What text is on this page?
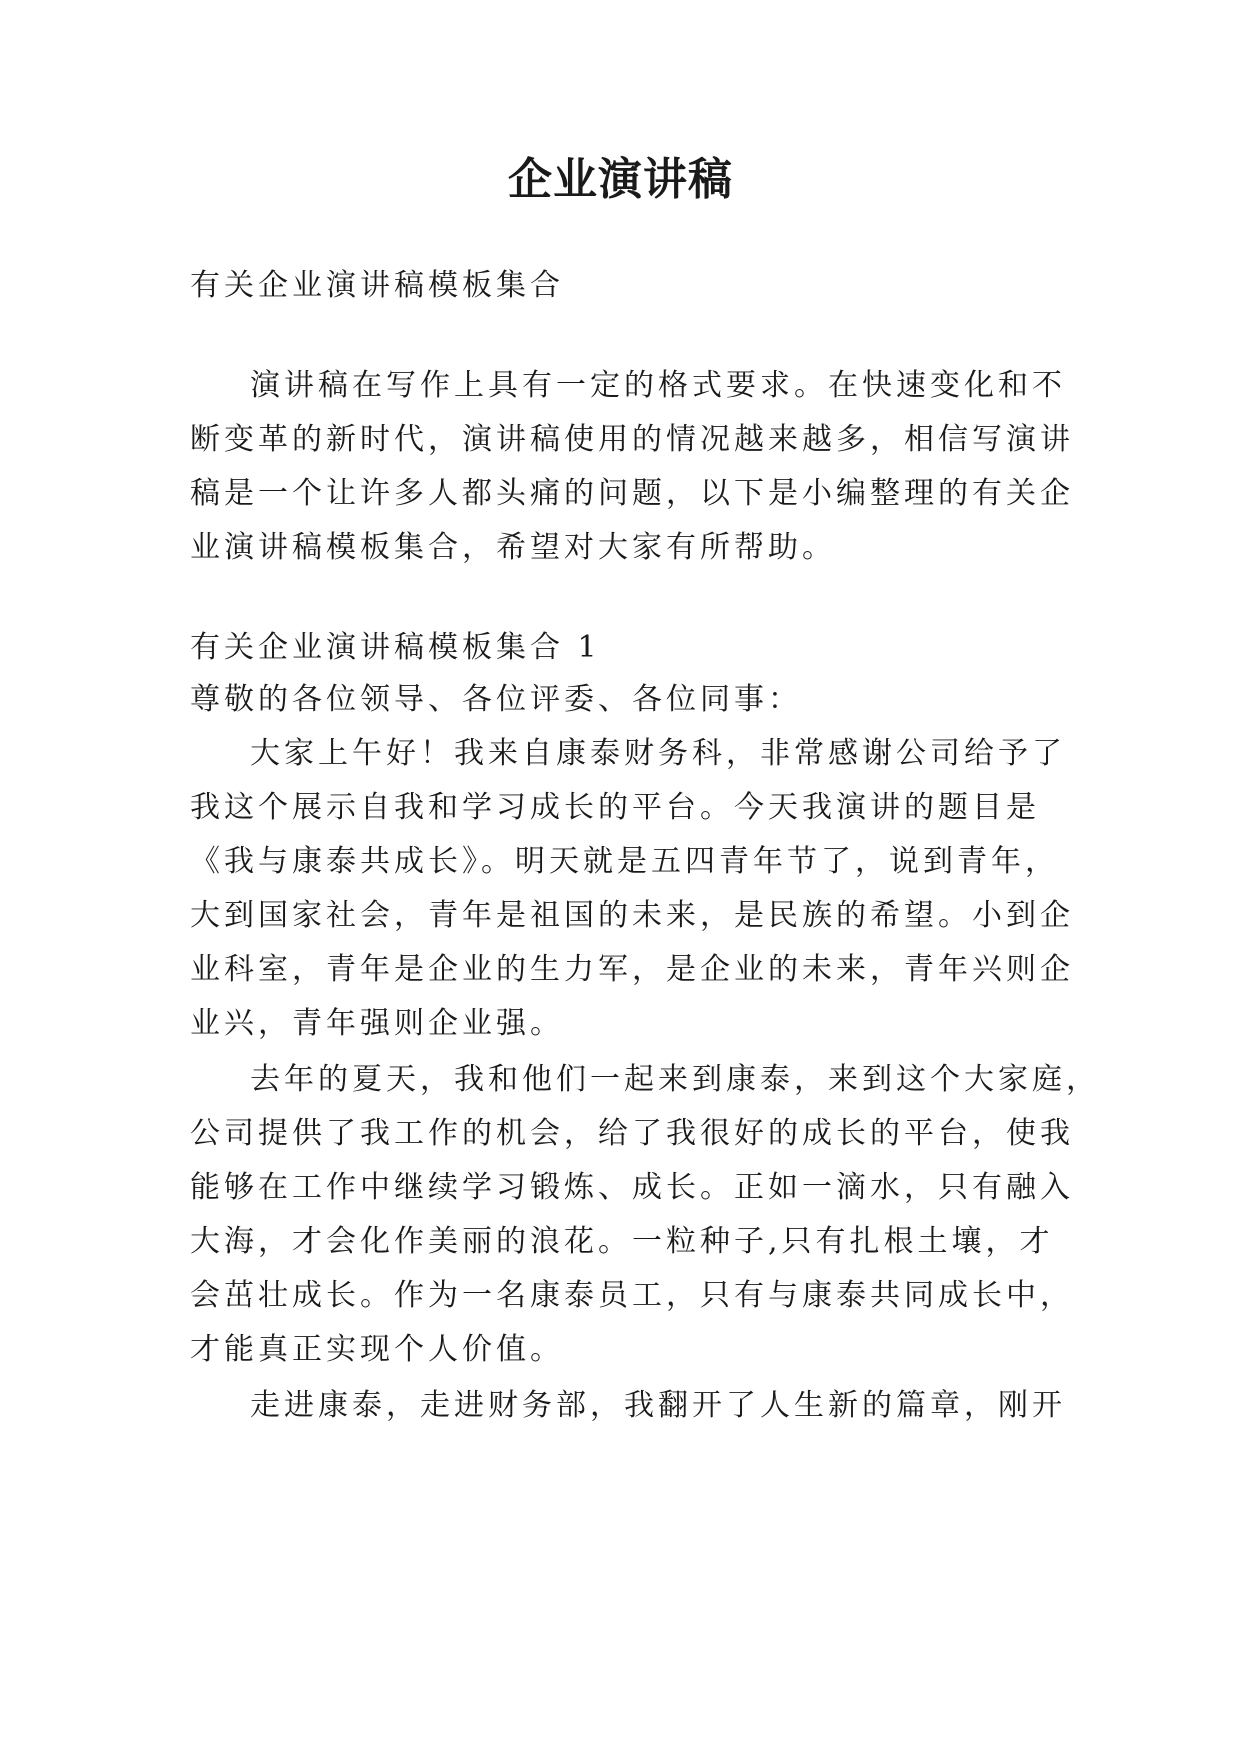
企业演讲稿

有关企业演讲稿模板集合

演讲稿在写作上具有一定的格式要求。在快速变化和不

断变革的新时代，演讲稿使用的情况越来越多，相信写演讲

稿是一个让许多人都头痛的问题，以下是小编整理的有关企

业演讲稿模板集合，希望对大家有所帮助。

有关企业演讲稿模板集合 1

尊敬的各位领导、各位评委、各位同事：

大家上午好！我来自康泰财务科，非常感谢公司给予了

我这个展示自我和学习成长的平台。今天我演讲的题目是

《我与康泰共成长》。明天就是五四青年节了，说到青年，

大到国家社会，青年是祖国的未来，是民族的希望。小到企

业科室，青年是企业的生力军，是企业的未来，青年兴则企

业兴，青年强则企业强。

去年的夏天，我和他们一起来到康泰，来到这个大家庭，

公司提供了我工作的机会，给了我很好的成长的平台，使我

能够在工作中继续学习锻炼、成长。正如一滴水，只有融入

大海，才会化作美丽的浪花。一粒种子,只有扎根土壤，才

会茁壮成长。作为一名康泰员工，只有与康泰共同成长中，

才能真正实现个人价值。

走进康泰，走进财务部，我翻开了人生新的篇章，刚开
